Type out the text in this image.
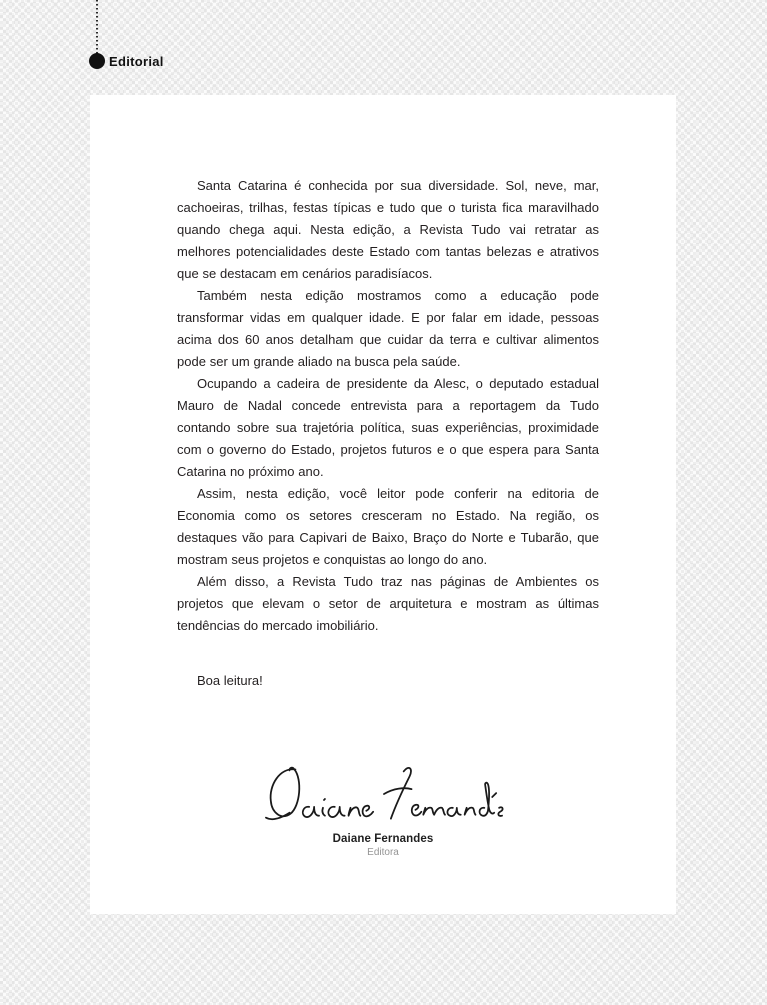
Editorial

Santa Catarina é conhecida por sua diversidade. Sol, neve, mar, cachoeiras, trilhas, festas típicas e tudo que o turista fica maravilhado quando chega aqui. Nesta edição, a Revista Tudo vai retratar as melhores potencialidades deste Estado com tantas belezas e atrativos que se destacam em cenários paradisíacos.

Também nesta edição mostramos como a educação pode transformar vidas em qualquer idade. E por falar em idade, pessoas acima dos 60 anos detalham que cuidar da terra e cultivar alimentos pode ser um grande aliado na busca pela saúde.

Ocupando a cadeira de presidente da Alesc, o deputado estadual Mauro de Nadal concede entrevista para a reportagem da Tudo contando sobre sua trajetória política, suas experiências, proximidade com o governo do Estado, projetos futuros e o que espera para Santa Catarina no próximo ano.

Assim, nesta edição, você leitor pode conferir na editoria de Economia como os setores cresceram no Estado. Na região, os destaques vão para Capivari de Baixo, Braço do Norte e Tubarão, que mostram seus projetos e conquistas ao longo do ano.

Além disso, a Revista Tudo traz nas páginas de Ambientes os projetos que elevam o setor de arquitetura e mostram as últimas tendências do mercado imobiliário.

Boa leitura!

Daiane Fernandes
Editora
